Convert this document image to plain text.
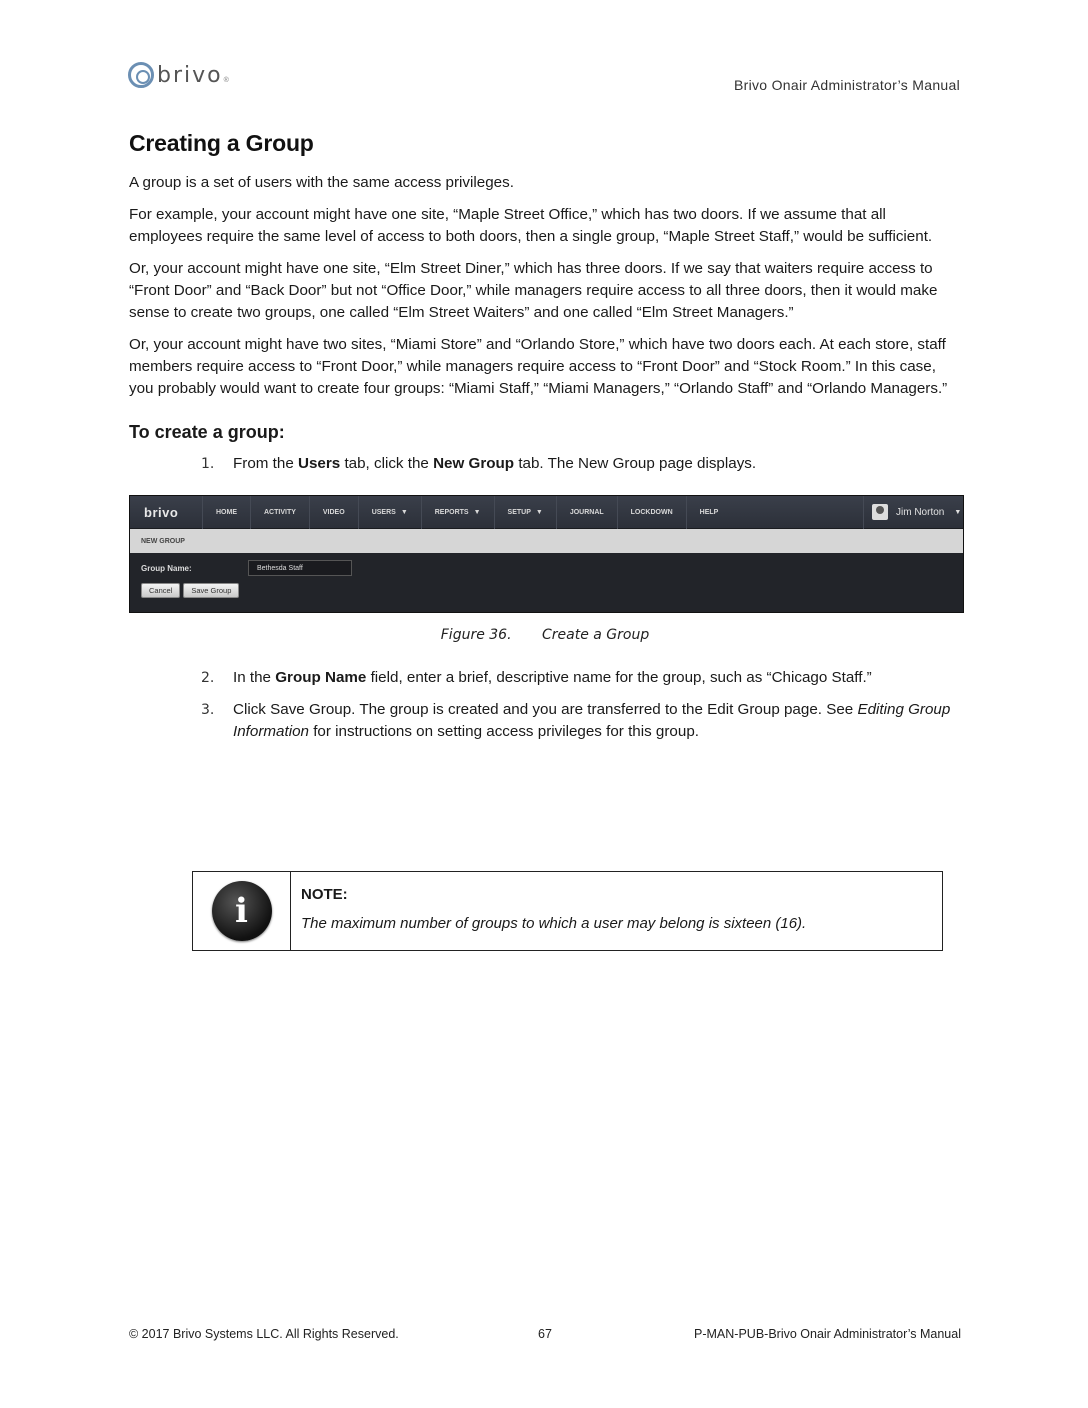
brivo ®	Brivo Onair Administrator’s Manual
Creating a Group

A group is a set of users with the same access privileges.

For example, your account might have one site, “Maple Street Office,” which has two doors. If we assume that all employees require the same level of access to both doors, then a single group, “Maple Street Staff,” would be sufficient.

Or, your account might have one site, “Elm Street Diner,” which has three doors. If we say that waiters require access to “Front Door” and “Back Door” but not “Office Door,” while managers require access to all three doors, then it would make sense to create two groups, one called “Elm Street Waiters” and one called “Elm Street Managers.”

Or, your account might have two sites, “Miami Store” and “Orlando Store,” which have two doors each. At each store, staff members require access to “Front Door,” while managers require access to “Front Door” and “Stock Room.” In this case, you probably would want to create four groups: “Miami Staff,” “Miami Managers,” “Orlando Staff” and “Orlando Managers.”

To create a group:
1.	From the Users tab, click the New Group tab. The New Group page displays.
brivo	HOME	ACTIVITY	VIDEO	USERS ▼	REPORTS ▼	SETUP ▼	JOURNAL	LOCKDOWN	HELP	Jim Norton ▼
NEW GROUP
Group Name:	Bethesda Staff
Cancel	Save Group
Figure 36. Create a Group
2.	In the Group Name field, enter a brief, descriptive name for the group, such as “Chicago Staff.”
3.	Click Save Group. The group is created and you are transferred to the Edit Group page. See Editing Group Information for instructions on setting access privileges for this group.
i	NOTE:
The maximum number of groups to which a user may belong is sixteen (16).
© 2017 Brivo Systems LLC. All Rights Reserved.	67	P-MAN-PUB-Brivo Onair Administrator’s Manual
